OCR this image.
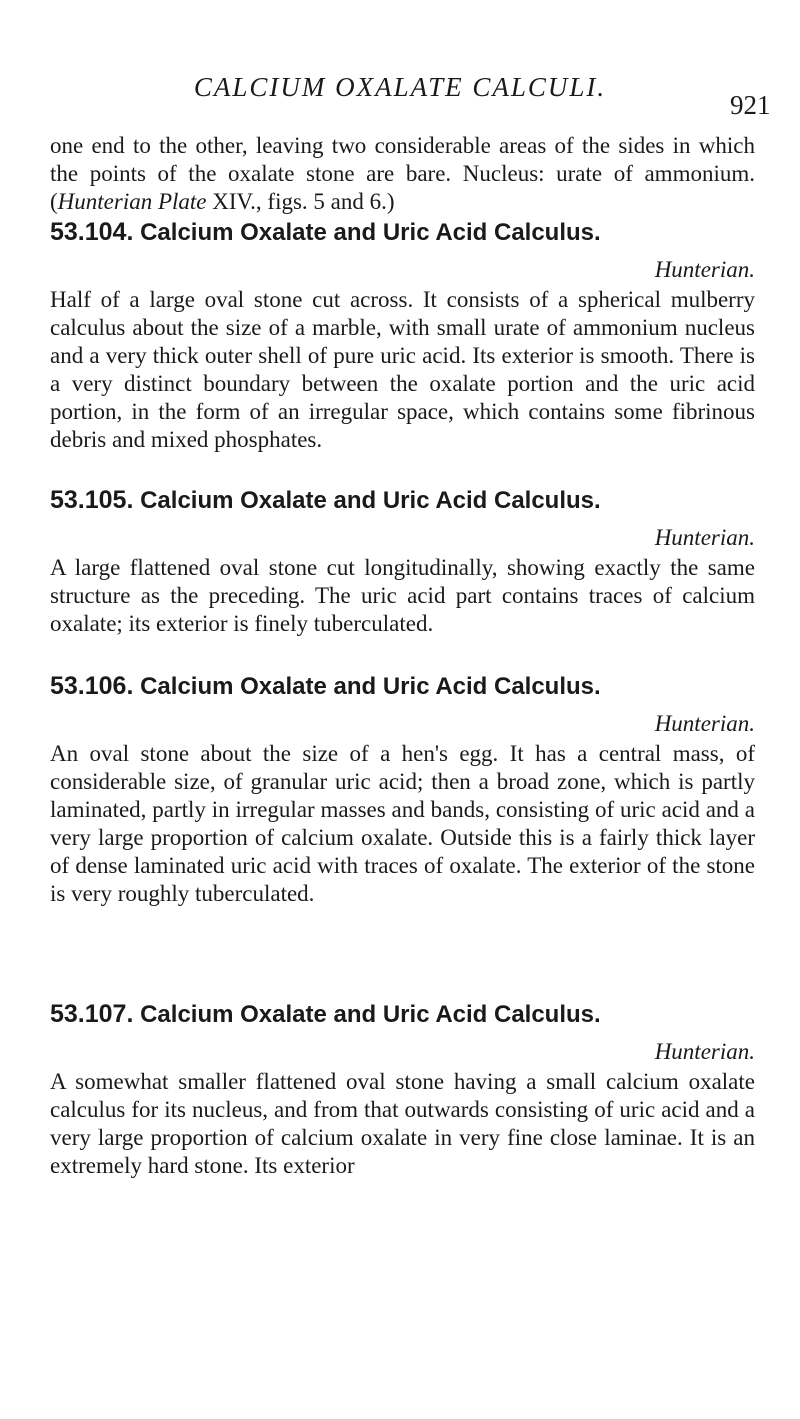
CALCIUM OXALATE CALCULI.
921

one end to the other, leaving two considerable areas of the sides in which the points of the oxalate stone are bare. Nucleus: urate of ammonium. (Hunterian Plate XIV., figs. 5 and 6.)

53.104. Calcium Oxalate and Uric Acid Calculus.

Hunterian.

Half of a large oval stone cut across. It consists of a spherical mulberry calculus about the size of a marble, with small urate of ammonium nucleus and a very thick outer shell of pure uric acid. Its exterior is smooth. There is a very distinct boundary between the oxalate portion and the uric acid portion, in the form of an irregular space, which contains some fibrinous debris and mixed phosphates.

53.105. Calcium Oxalate and Uric Acid Calculus.

Hunterian.

A large flattened oval stone cut longitudinally, showing exactly the same structure as the preceding. The uric acid part contains traces of calcium oxalate; its exterior is finely tuberculated.

53.106. Calcium Oxalate and Uric Acid Calculus.

Hunterian.

An oval stone about the size of a hen's egg. It has a central mass, of considerable size, of granular uric acid; then a broad zone, which is partly laminated, partly in irregular masses and bands, consisting of uric acid and a very large proportion of calcium oxalate. Outside this is a fairly thick layer of dense laminated uric acid with traces of oxalate. The exterior of the stone is very roughly tuberculated.

53.107. Calcium Oxalate and Uric Acid Calculus.

Hunterian.

A somewhat smaller flattened oval stone having a small calcium oxalate calculus for its nucleus, and from that outwards consisting of uric acid and a very large proportion of calcium oxalate in very fine close laminae. It is an extremely hard stone. Its exterior
